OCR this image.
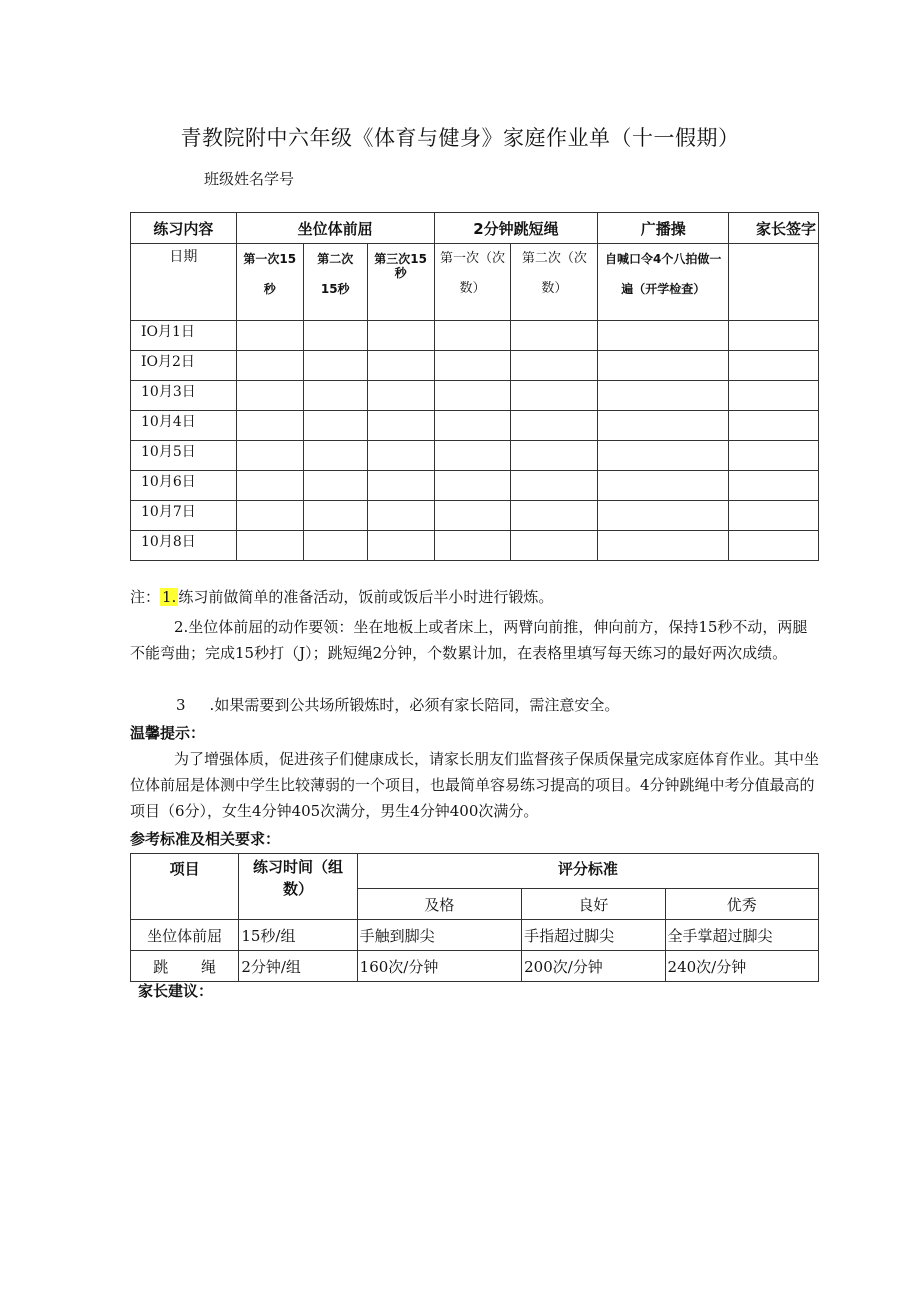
青教院附中六年级《体育与健身》家庭作业单（十一假期）
班级姓名学号
练习内容	坐位体前屈			2分钟跳短绳		广播操	家长签字
日期	第一次15秒	第二次15秒	第三次15秒	第一次（次数）	第二次（次数）	自喊口令4个八拍做一遍（开学检查）	
IO月1日							
IO月2日							
10月3日							
10月4日							
10月5日							
10月6日							
10月7日							
10月8日							
注： 1. 练习前做简单的准备活动，饭前或饭后半小时进行锻炼。
2.坐位体前屈的动作要领：坐在地板上或者床上，两臂向前推，伸向前方，保持15秒不动，两腿不能弯曲；完成15秒打（J）；跳短绳2分钟，个数累计加，在表格里填写每天练习的最好两次成绩。
3 .如果需要到公共场所锻炼时，必须有家长陪同，需注意安全。
温馨提示：
为了增强体质，促进孩子们健康成长，请家长朋友们监督孩子保质保量完成家庭体育作业。其中坐位体前屈是体测中学生比较薄弱的一个项目，也最简单容易练习提高的项目。4分钟跳绳中考分值最高的项目（6分），女生4分钟405次满分，男生4分钟400次满分。
参考标准及相关要求：
项目	练习时间（组数）	评分标准		
		及格	良好	优秀
坐位体前屈	15秒/组	手触到脚尖	手指超过脚尖	全手掌超过脚尖
跳 绳	2分钟/组	160次/分钟	200次/分钟	240次/分钟
家长建议：
